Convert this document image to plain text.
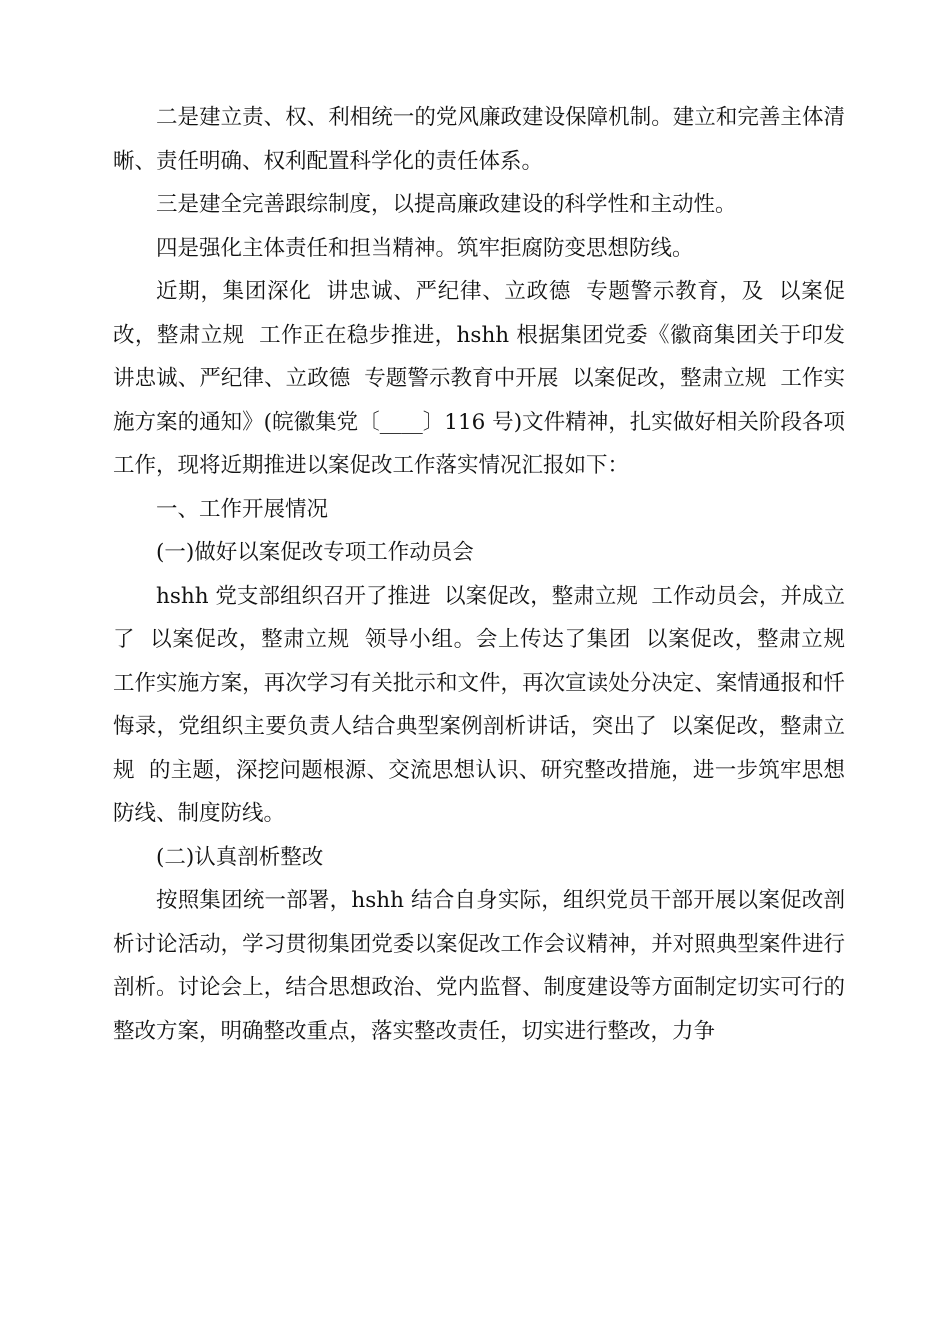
二是建立责、权、利相统一的党风廉政建设保障机制。建立和完善主体清晰、责任明确、权利配置科学化的责任体系。

三是建全完善跟综制度，以提高廉政建设的科学性和主动性。

四是强化主体责任和担当精神。筑牢拒腐防变思想防线。

近期，集团深化  讲忠诚、严纪律、立政德  专题警示教育，及  以案促改，整肃立规  工作正在稳步推进，hshh 根据集团党委《徽商集团关于印发  讲忠诚、严纪律、立政德  专题警示教育中开展  以案促改，整肃立规  工作实施方案的通知》(皖徽集党〔____〕116 号)文件精神，扎实做好相关阶段各项工作，现将近期推进以案促改工作落实情况汇报如下：

一、工作开展情况

(一)做好以案促改专项工作动员会

hshh 党支部组织召开了推进  以案促改，整肃立规  工作动员会，并成立了  以案促改，整肃立规  领导小组。会上传达了集团  以案促改，整肃立规  工作实施方案，再次学习有关批示和文件，再次宣读处分决定、案情通报和忏悔录，党组织主要负责人结合典型案例剖析讲话，突出了  以案促改，整肃立规  的主题，深挖问题根源、交流思想认识、研究整改措施，进一步筑牢思想防线、制度防线。

(二)认真剖析整改

按照集团统一部署，hshh 结合自身实际，组织党员干部开展以案促改剖析讨论活动，学习贯彻集团党委以案促改工作会议精神，并对照典型案件进行剖析。讨论会上，结合思想政治、党内监督、制度建设等方面制定切实可行的整改方案，明确整改重点，落实整改责任，切实进行整改，力争
